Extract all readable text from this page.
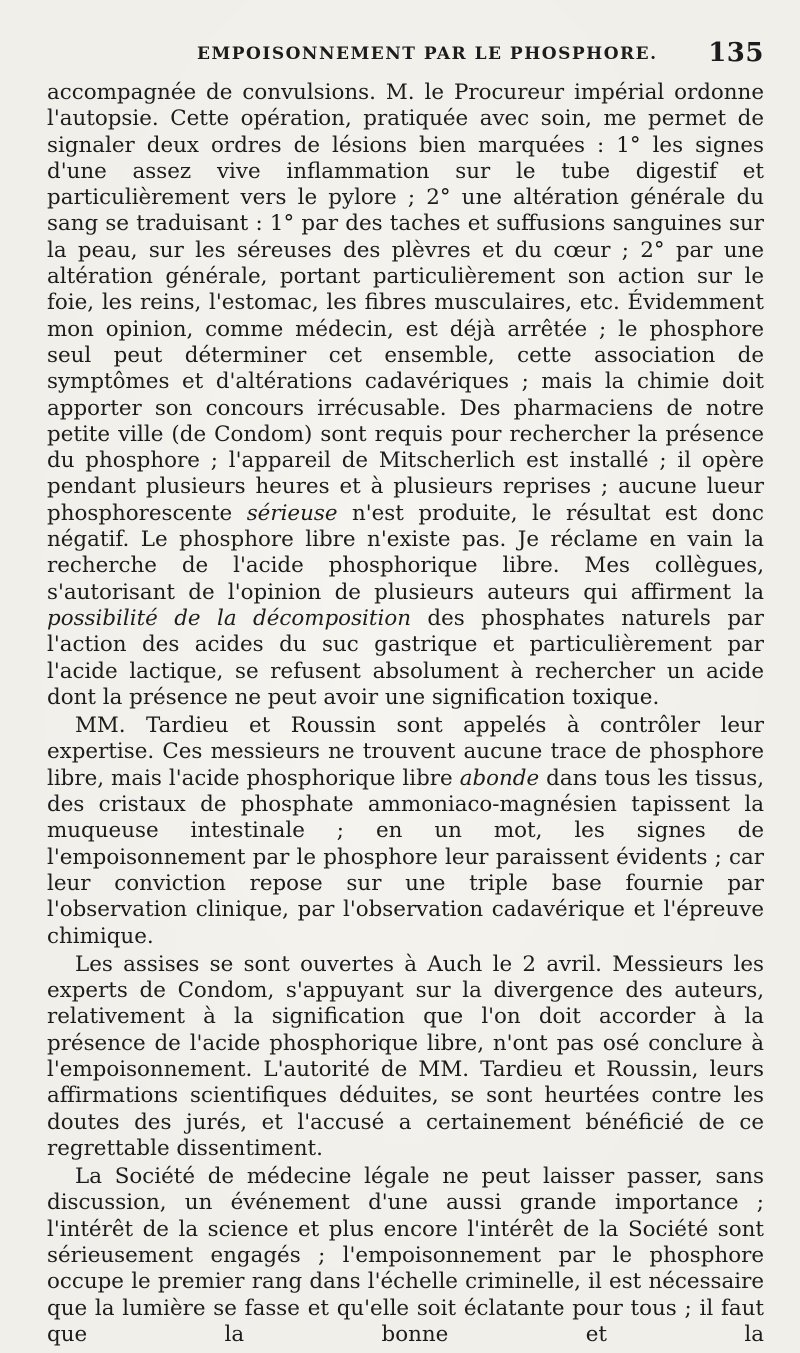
EMPOISONNEMENT PAR LE PHOSPHORE. 135

accompagnée de convulsions. M. le Procureur impérial ordonne l'autopsie. Cette opération, pratiquée avec soin, me permet de signaler deux ordres de lésions bien marquées : 1° les signes d'une assez vive inflammation sur le tube digestif et particulièrement vers le pylore ; 2° une altération générale du sang se traduisant : 1° par des taches et suffusions sanguines sur la peau, sur les séreuses des plèvres et du cœur ; 2° par une altération générale, portant particulièrement son action sur le foie, les reins, l'estomac, les fibres musculaires, etc. Évidemment mon opinion, comme médecin, est déjà arrêtée ; le phosphore seul peut déterminer cet ensemble, cette association de symptômes et d'altérations cadavériques ; mais la chimie doit apporter son concours irrécusable. Des pharmaciens de notre petite ville (de Condom) sont requis pour rechercher la présence du phosphore ; l'appareil de Mitscherlich est installé ; il opère pendant plusieurs heures et à plusieurs reprises ; aucune lueur phosphorescente sérieuse n'est produite, le résultat est donc négatif. Le phosphore libre n'existe pas. Je réclame en vain la recherche de l'acide phosphorique libre. Mes collègues, s'autorisant de l'opinion de plusieurs auteurs qui affirment la possibilité de la décomposition des phosphates naturels par l'action des acides du suc gastrique et particulièrement par l'acide lactique, se refusent absolument à rechercher un acide dont la présence ne peut avoir une signification toxique.

MM. Tardieu et Roussin sont appelés à contrôler leur expertise. Ces messieurs ne trouvent aucune trace de phosphore libre, mais l'acide phosphorique libre abonde dans tous les tissus, des cristaux de phosphate ammoniaco-magnésien tapissent la muqueuse intestinale ; en un mot, les signes de l'empoisonnement par le phosphore leur paraissent évidents ; car leur conviction repose sur une triple base fournie par l'observation clinique, par l'observation cadavérique et l'épreuve chimique.

Les assises se sont ouvertes à Auch le 2 avril. Messieurs les experts de Condom, s'appuyant sur la divergence des auteurs, relativement à la signification que l'on doit accorder à la présence de l'acide phosphorique libre, n'ont pas osé conclure à l'empoisonnement. L'autorité de MM. Tardieu et Roussin, leurs affirmations scientifiques déduites, se sont heurtées contre les doutes des jurés, et l'accusé a certainement bénéficié de ce regrettable dissentiment.

La Société de médecine légale ne peut laisser passer, sans discussion, un événement d'une aussi grande importance ; l'intérêt de la science et plus encore l'intérêt de la Société sont sérieusement engagés ; l'empoisonnement par le phosphore occupe le premier rang dans l'échelle criminelle, il est nécessaire que la lumière se fasse et qu'elle soit éclatante pour tous ; il faut que la bonne et la
